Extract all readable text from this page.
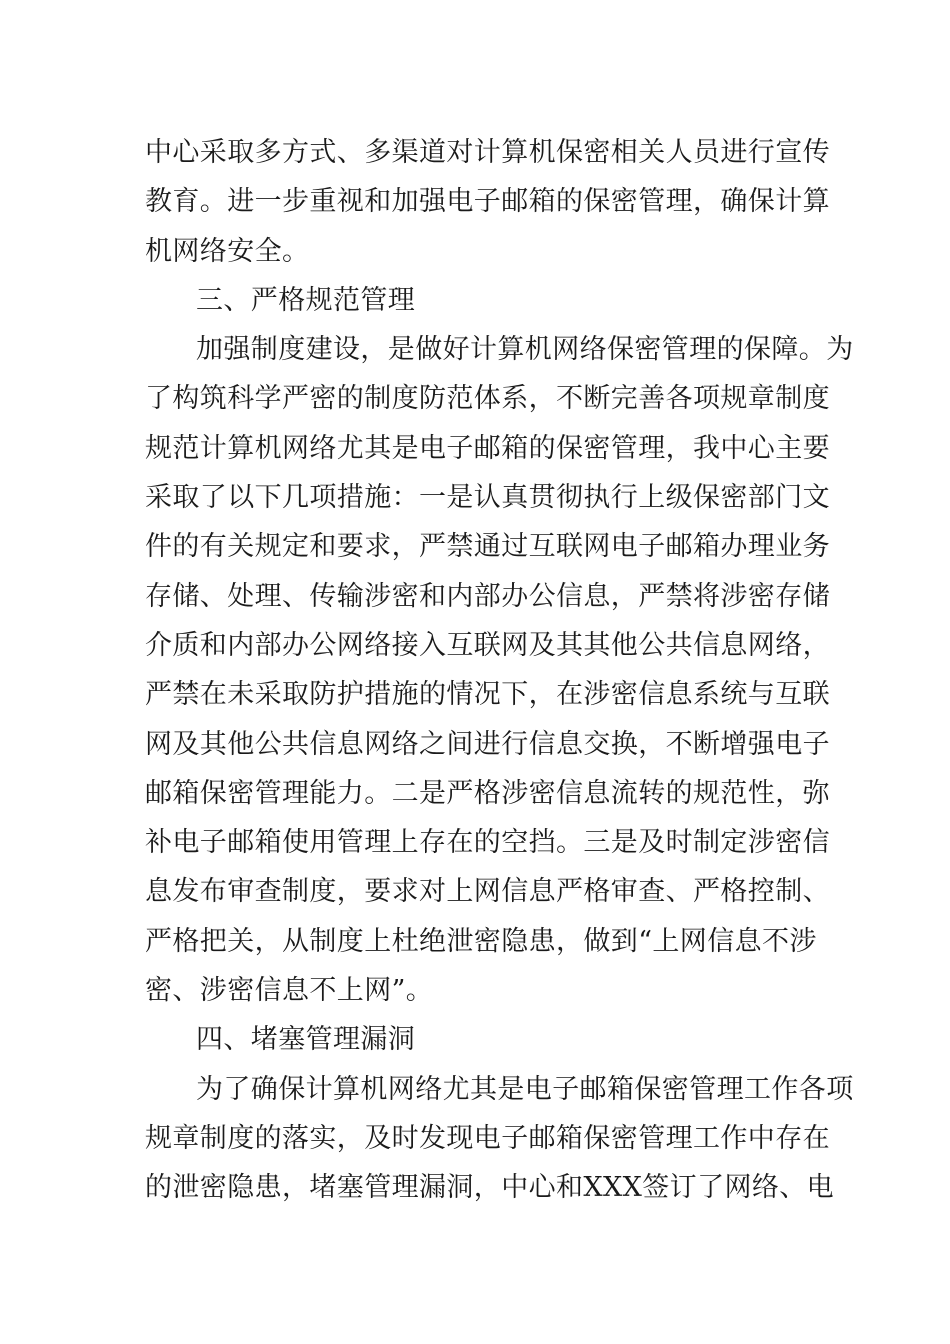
中心采取多方式、多渠道对计算机保密相关人员进行宣传
教育。进一步重视和加强电子邮箱的保密管理，确保计算
机网络安全。
三、严格规范管理
加强制度建设，是做好计算机网络保密管理的保障。为
了构筑科学严密的制度防范体系，不断完善各项规章制度
规范计算机网络尤其是电子邮箱的保密管理，我中心主要
采取了以下几项措施：一是认真贯彻执行上级保密部门文
件的有关规定和要求，严禁通过互联网电子邮箱办理业务
存储、处理、传输涉密和内部办公信息，严禁将涉密存储
介质和内部办公网络接入互联网及其其他公共信息网络，
严禁在未采取防护措施的情况下，在涉密信息系统与互联
网及其他公共信息网络之间进行信息交换，不断增强电子
邮箱保密管理能力。二是严格涉密信息流转的规范性，弥
补电子邮箱使用管理上存在的空挡。三是及时制定涉密信
息发布审查制度，要求对上网信息严格审查、严格控制、
严格把关，从制度上杜绝泄密隐患，做到“上网信息不涉
密、涉密信息不上网”。
四、堵塞管理漏洞
为了确保计算机网络尤其是电子邮箱保密管理工作各项
规章制度的落实，及时发现电子邮箱保密管理工作中存在
的泄密隐患，堵塞管理漏洞，中心和XXX签订了网络、电
